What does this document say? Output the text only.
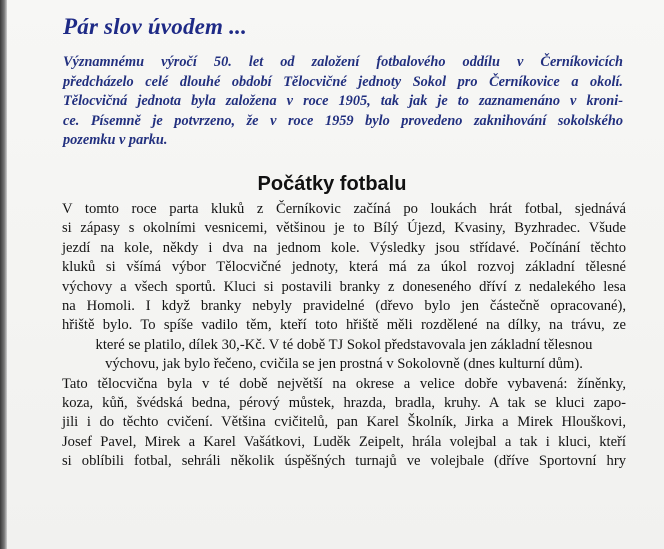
Pár slov úvodem ...
Významnému výročí 50. let od založení fotbalového oddílu v Černíkovicích
předcházelo celé dlouhé období Tělocvičné jednoty Sokol pro Černíkovice a okolí.
Tělocvičná jednota byla založena v roce 1905, tak jak je to zaznamenáno v kroni-
ce. Písemně je potvrzeno, že v roce 1959 bylo provedeno zaknihování sokolského
pozemku v parku.
Počátky fotbalu
V tomto roce parta kluků z Černíkovic začíná po loukách hrát fotbal, sjednává
si zápasy s okolními vesnicemi, většinou je to Bílý Újezd, Kvasiny, Byzhradec. Všude
jezdí na kole, někdy i dva na jednom kole. Výsledky jsou střídavé. Počínání těchto
kluků si všímá výbor Tělocvičné jednoty, která má za úkol rozvoj základní tělesné
výchovy a všech sportů. Kluci si postavili branky z doneseného dříví z nedalekého lesa
na Homoli. I když branky nebyly pravidelné (dřevo bylo jen částečně opracované),
hřiště bylo. To spíše vadilo těm, kteří toto hřiště měli rozdělené na dílky, na trávu, ze
které se platilo, dílek 30,-Kč. V té době TJ Sokol představovala jen základní tělesnou
výchovu, jak bylo řečeno, cvičila se jen prostná v Sokolovně (dnes kulturní dům).
Tato tělocvična byla v té době největší na okrese a velice dobře vybavená: žíněnky,
koza, kůň, švédská bedna, pérový můstek, hrazda, bradla, kruhy. A tak se kluci zapo-
jili i do těchto cvičení. Většina cvičitelů, pan Karel Školník, Jirka a Mirek Hlouškovi,
Josef Pavel, Mirek a Karel Vašátkovi, Luděk Zeipelt, hrála volejbal a tak i kluci, kteří
si oblíbili fotbal, sehráli několik úspěšných turnajů ve volejbale (dříve Sportovní hry
